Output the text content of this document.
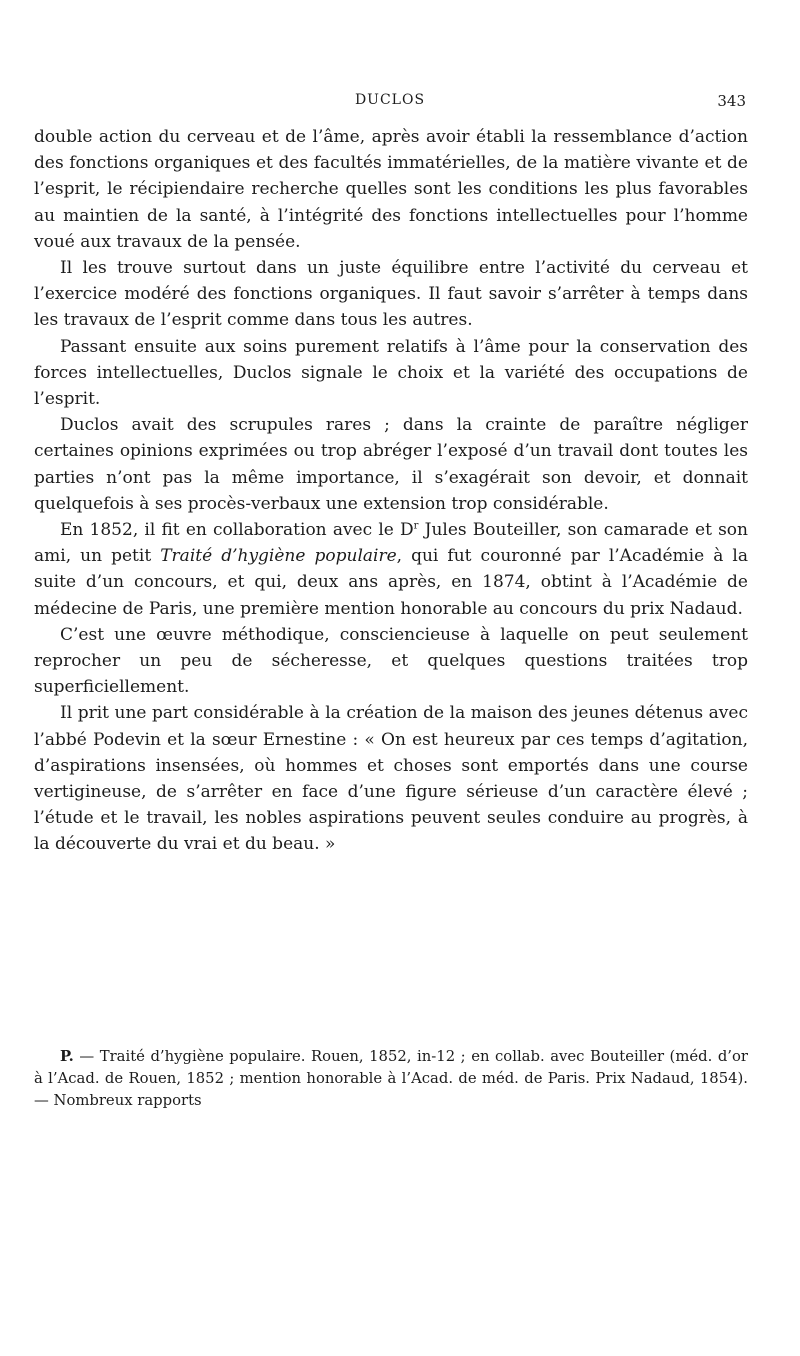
DUCLOS	343

double action du cerveau et de l’âme, après avoir établi la ressemblance d’action des fonctions organiques et des facultés immatérielles, de la matière vivante et de l’esprit, le récipiendaire recherche quelles sont les conditions les plus favorables au maintien de la santé, à l’intégrité des fonctions intellectuelles pour l’homme voué aux travaux de la pensée.

Il les trouve surtout dans un juste équilibre entre l’activité du cerveau et l’exercice modéré des fonctions organiques. Il faut savoir s’arrêter à temps dans les travaux de l’esprit comme dans tous les autres.

Passant ensuite aux soins purement relatifs à l’âme pour la conservation des forces intellectuelles, Duclos signale le choix et la variété des occupations de l’esprit.

Duclos avait des scrupules rares ; dans la crainte de paraître négliger certaines opinions exprimées ou trop abréger l’exposé d’un travail dont toutes les parties n’ont pas la même importance, il s’exagérait son devoir, et donnait quelquefois à ses procès-verbaux une extension trop considérable.

En 1852, il fit en collaboration avec le $D^r$ Jules Bouteiller, son camarade et son ami, un petit Traité d’hygiène populaire, qui fut couronné par l’Académie à la suite d’un concours, et qui, deux ans après, en 1874, obtint à l’Académie de médecine de Paris, une première mention honorable au concours du prix Nadaud.

C’est une œuvre méthodique, consciencieuse à laquelle on peut seulement reprocher un peu de sécheresse, et quelques questions traitées trop superficiellement.

Il prit une part considérable à la création de la maison des jeunes détenus avec l’abbé Podevin et la sœur Ernestine : « On est heureux par ces temps d’agitation, d’aspirations insensées, où hommes et choses sont emportés dans une course vertigineuse, de s’arrêter en face d’une figure sérieuse d’un caractère élevé ; l’étude et le travail, les nobles aspirations peuvent seules conduire au progrès, à la découverte du vrai et du beau. »

P. — Traité d’hygiène populaire. Rouen, 1852, in-12 ; en collab. avec Bouteiller (méd. d’or à l’Acad. de Rouen, 1852 ; mention honorable à l’Acad. de méd. de Paris. Prix Nadaud, 1854). — Nombreux rapports
